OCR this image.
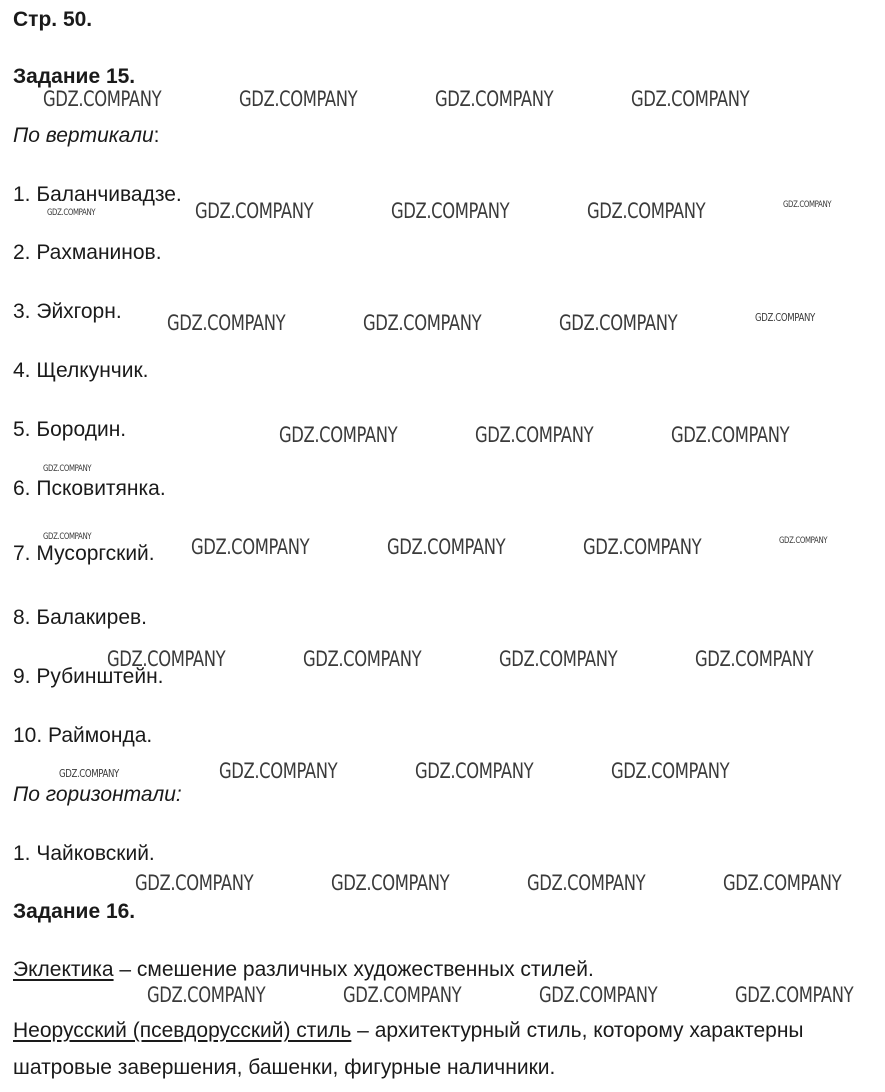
Стр. 50.
Задание 15.
По вертикали:
1. Баланчивадзе.
2. Рахманинов.
3. Эйхгорн.
4. Щелкунчик.
5. Бородин.
6. Псковитянка.
7. Мусоргский.
8. Балакирев.
9. Рубинштейн.
10. Раймонда.
По горизонтали:
1. Чайковский.
Задание 16.
Эклектика – смешение различных художественных стилей.
Неорусский (псевдорусский) стиль – архитектурный стиль, которому характерны
шатровые завершения, башенки, фигурные наличники.
GDZ.COMPANY	GDZ.COMPANY	GDZ.COMPANY	GDZ.COMPANY
GDZ.COMPANY	GDZ.COMPANY	GDZ.COMPANY	GDZ.COMPANY	GDZ.COMPANY
GDZ.COMPANY	GDZ.COMPANY	GDZ.COMPANY	GDZ.COMPANY
GDZ.COMPANY	GDZ.COMPANY	GDZ.COMPANY
GDZ.COMPANY
GDZ.COMPANY	GDZ.COMPANY	GDZ.COMPANY	GDZ.COMPANY	GDZ.COMPANY
GDZ.COMPANY	GDZ.COMPANY	GDZ.COMPANY	GDZ.COMPANY
GDZ.COMPANY	GDZ.COMPANY	GDZ.COMPANY	GDZ.COMPANY
GDZ.COMPANY	GDZ.COMPANY	GDZ.COMPANY	GDZ.COMPANY
GDZ.COMPANY	GDZ.COMPANY	GDZ.COMPANY	GDZ.COMPANY
